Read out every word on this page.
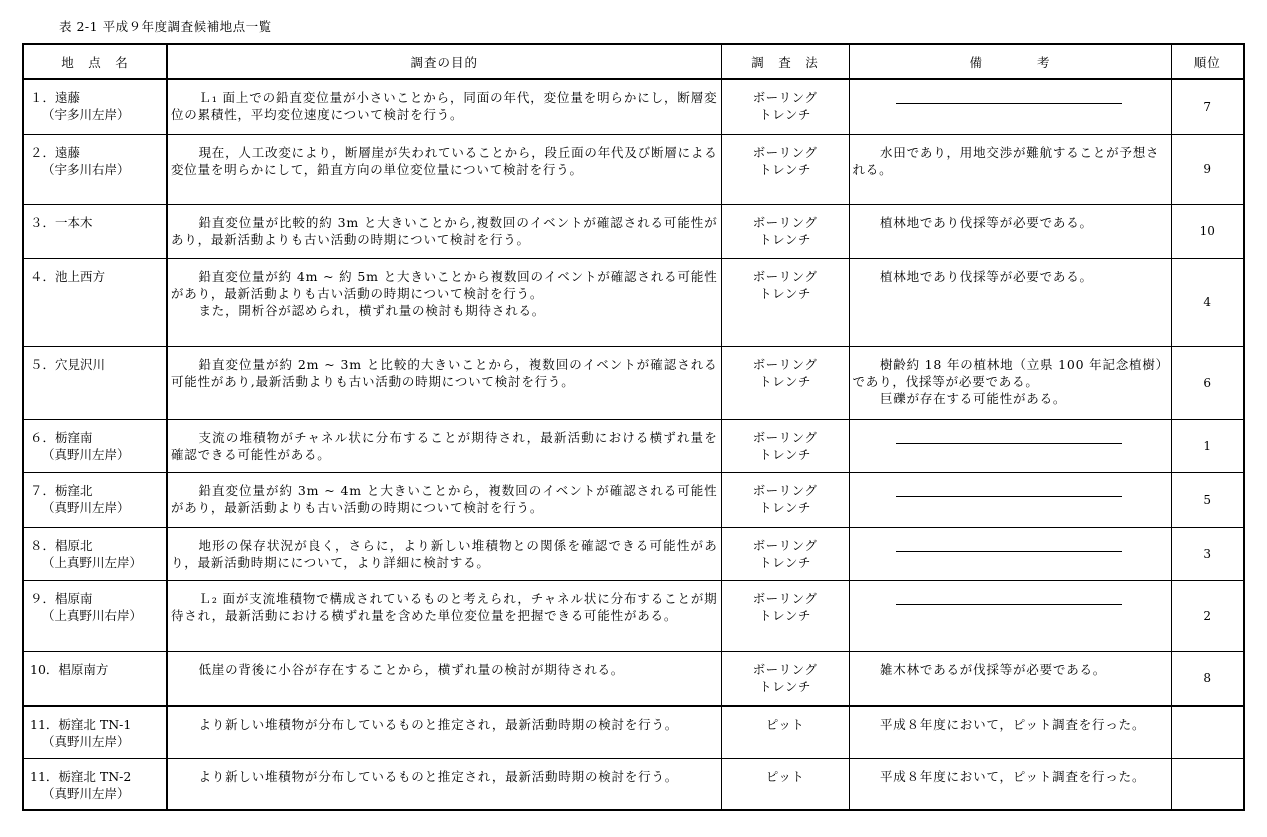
表 2-1 平成９年度調査候補地点一覧
地　点　名	調査の目的	調　査　法	備　　　　考	順位

１．遠藤
（宇多川左岸）	Ｌ₁ 面上での鉛直変位量が小さいことから，同面の年代，変位量を明らかにし，断層変位の累積性，平均変位速度について検討を行う。	ボーリング
トレンチ		7

２．遠藤
（宇多川右岸）	現在，人工改変により，断層崖が失われていることから，段丘面の年代及び断層による変位量を明らかにして，鉛直方向の単位変位量について検討を行う。	ボーリング
トレンチ	水田であり，用地交渉が難航することが予想される。	9

３．一本木	鉛直変位量が比較的約 3m と大きいことから,複数回のイベントが確認される可能性があり，最新活動よりも古い活動の時期について検討を行う。	ボーリング
トレンチ	植林地であり伐採等が必要である。	10

４．池上西方	鉛直変位量が約 4m ~ 約 5m と大きいことから複数回のイベントが確認される可能性があり，最新活動よりも古い活動の時期について検討を行う。
また，開析谷が認められ，横ずれ量の検討も期待される。	ボーリング
トレンチ	植林地であり伐採等が必要である。	4

５．穴見沢川	鉛直変位量が約 2m ~ 3m と比較的大きいことから，複数回のイベントが確認される可能性があり,最新活動よりも古い活動の時期について検討を行う。	ボーリング
トレンチ	樹齢約 18 年の植林地（立県 100 年記念植樹）であり，伐採等が必要である。
巨礫が存在する可能性がある。	6

６．栃窪南
（真野川左岸）	支流の堆積物がチャネル状に分布することが期待され，最新活動における横ずれ量を確認できる可能性がある。	ボーリング
トレンチ		1

７．栃窪北
（真野川左岸）	鉛直変位量が約 3m ~ 4m と大きいことから，複数回のイベントが確認される可能性があり，最新活動よりも古い活動の時期について検討を行う。	ボーリング
トレンチ		5

８．椙原北
（上真野川左岸）	地形の保存状況が良く，さらに，より新しい堆積物との関係を確認できる可能性があり，最新活動時期にについて，より詳細に検討する。	ボーリング
トレンチ		3

９．椙原南
（上真野川右岸）	Ｌ₂ 面が支流堆積物で構成されているものと考えられ，チャネル状に分布することが期待され，最新活動における横ずれ量を含めた単位変位量を把握できる可能性がある。	ボーリング
トレンチ		2

10．椙原南方	低崖の背後に小谷が存在することから，横ずれ量の検討が期待される。	ボーリング
トレンチ	雑木林であるが伐採等が必要である。	8

11．栃窪北 TN-1
（真野川左岸）	より新しい堆積物が分布しているものと推定され，最新活動時期の検討を行う。	ピット	平成８年度において，ピット調査を行った。	

11．栃窪北 TN-2
（真野川左岸）	より新しい堆積物が分布しているものと推定され，最新活動時期の検討を行う。	ピット	平成８年度において，ピット調査を行った。	
